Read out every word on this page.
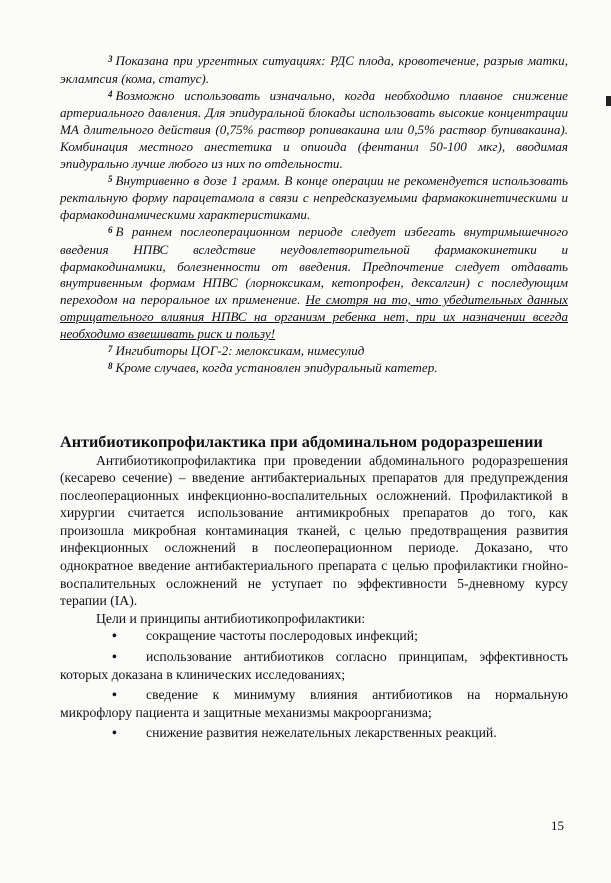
$^3$ Показана при ургентных ситуациях: РДС плода, кровотечение, разрыв матки, эклампсия (кома, статус).

$^4$ Возможно использовать изначально, когда необходимо плавное снижение артериального давления. Для эпидуральной блокады использовать высокие концентрации МА длительного действия (0,75% раствор ропивакаина или 0,5% раствор бупивакаина). Комбинация местного анестетика и опиоида (фентанил 50-100 мкг), вводимая эпидурально лучше любого из них по отдельности.

$^5$ Внутривенно в дозе 1 грамм. В конце операции не рекомендуется использовать ректальную форму парацетамола в связи с непредсказуемыми фармакокинетическими и фармакодинамическими характеристиками.

$^6$ В раннем послеоперационном периоде следует избегать внутримышечного введения НПВС вследствие неудовлетворительной фармакокинетики и фармакодинамики, болезненности от введения. Предпочтение следует отдавать внутривенным формам НПВС (лорноксикам, кетопрофен, дексалгин) с последующим переходом на пероральное их применение. Не смотря на то, что убедительных данных отрицательного влияния НПВС на организм ребенка нет, при их назначении всегда необходимо взвешивать риск и пользу!

$^7$ Ингибиторы ЦОГ-2: мелоксикам, нимесулид

$^8$ Кроме случаев, когда установлен эпидуральный катетер.

Антибиотикопрофилактика при абдоминальном родоразрешении

Антибиотикопрофилактика при проведении абдоминального родоразрешения (кесарево сечение) – введение антибактериальных препаратов для предупреждения послеоперационных инфекционно-воспалительных осложнений. Профилактикой в хирургии считается использование антимикробных препаратов до того, как произошла микробная контаминация тканей, с целью предотвращения развития инфекционных осложнений в послеоперационном периоде. Доказано, что однократное введение антибактериального препарата с целью профилактики гнойно-воспалительных осложнений не уступает по эффективности 5-дневному курсу терапии (IA).

Цели и принципы антибиотикопрофилактики:

• сокращение частоты послеродовых инфекций;
• использование антибиотиков согласно принципам, эффективность которых доказана в клинических исследованиях;
• сведение к минимуму влияния антибиотиков на нормальную микрофлору пациента и защитные механизмы макроорганизма;
• снижение развития нежелательных лекарственных реакций.
15
